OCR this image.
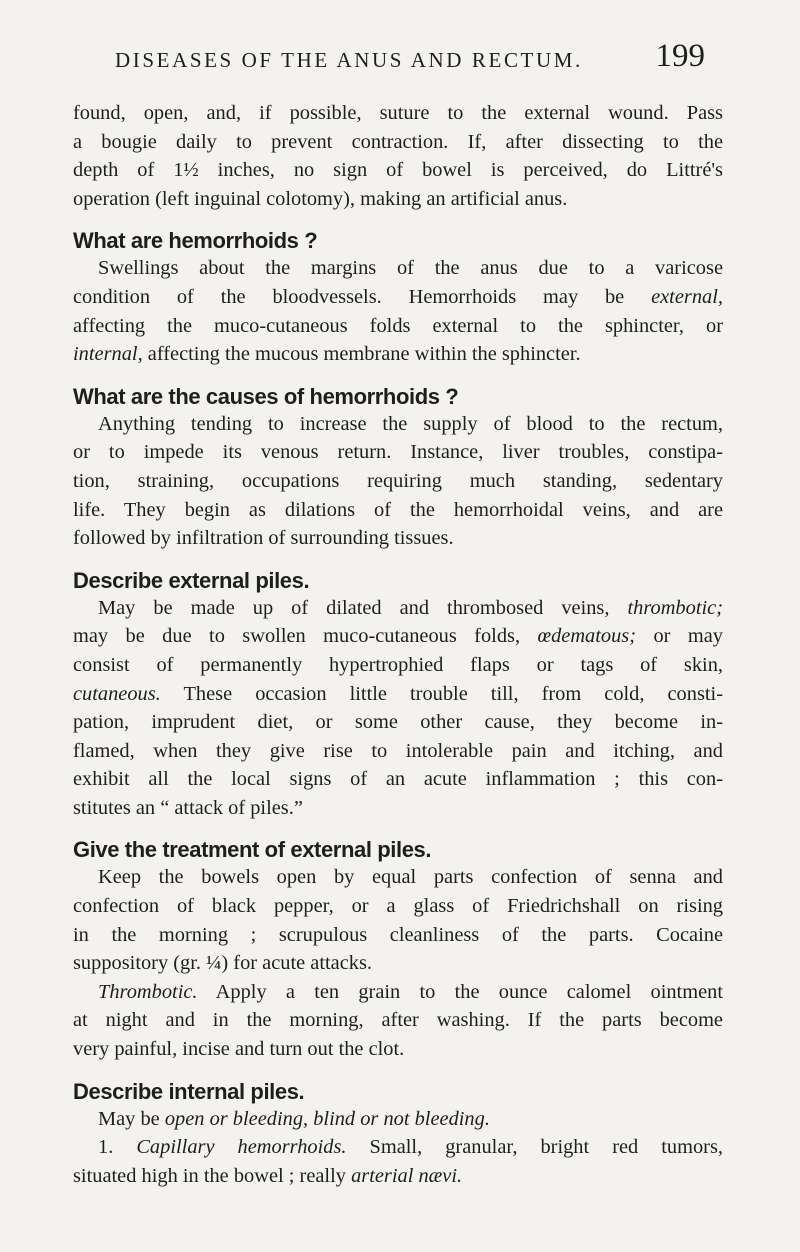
DISEASES OF THE ANUS AND RECTUM. 199
found, open, and, if possible, suture to the external wound. Pass
a bougie daily to prevent contraction. If, after dissecting to the
depth of 1½ inches, no sign of bowel is perceived, do Littré's
operation (left inguinal colotomy), making an artificial anus.
What are hemorrhoids ?
Swellings about the margins of the anus due to a varicose
condition of the bloodvessels. Hemorrhoids may be external,
affecting the muco-cutaneous folds external to the sphincter, or
internal, affecting the mucous membrane within the sphincter.
What are the causes of hemorrhoids ?
Anything tending to increase the supply of blood to the rectum,
or to impede its venous return. Instance, liver troubles, constipa-
tion, straining, occupations requiring much standing, sedentary
life. They begin as dilations of the hemorrhoidal veins, and are
followed by infiltration of surrounding tissues.
Describe external piles.
May be made up of dilated and thrombosed veins, thrombotic;
may be due to swollen muco-cutaneous folds, œdematous; or may
consist of permanently hypertrophied flaps or tags of skin,
cutaneous. These occasion little trouble till, from cold, consti-
pation, imprudent diet, or some other cause, they become in-
flamed, when they give rise to intolerable pain and itching, and
exhibit all the local signs of an acute inflammation ; this con-
stitutes an “ attack of piles.”
Give the treatment of external piles.
Keep the bowels open by equal parts confection of senna and
confection of black pepper, or a glass of Friedrichshall on rising
in the morning ; scrupulous cleanliness of the parts. Cocaine
suppository (gr. ¼) for acute attacks.
Thrombotic. Apply a ten grain to the ounce calomel ointment
at night and in the morning, after washing. If the parts become
very painful, incise and turn out the clot.
Describe internal piles.
May be open or bleeding, blind or not bleeding.
1. Capillary hemorrhoids. Small, granular, bright red tumors,
situated high in the bowel ; really arterial nævi.
